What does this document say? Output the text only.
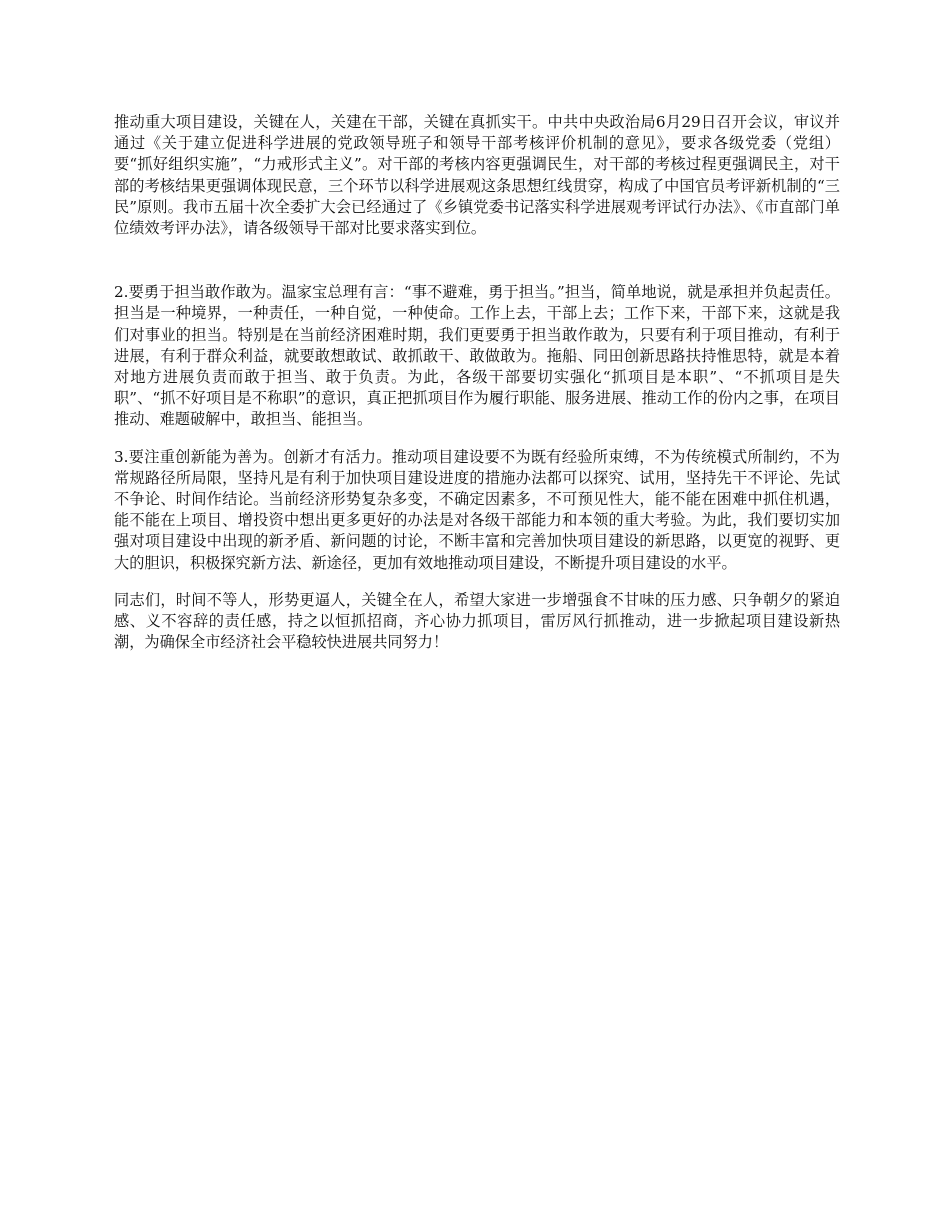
推动重大项目建设，关键在人，关建在干部，关键在真抓实干。中共中央政治局6月29日召开会议，审议并通过《关于建立促进科学进展的党政领导班子和领导干部考核评价机制的意见》，要求各级党委（党组）要“抓好组织实施”，“力戒形式主义”。对干部的考核内容更强调民生，对干部的考核过程更强调民主，对干部的考核结果更强调体现民意，三个环节以科学进展观这条思想红线贯穿，构成了中国官员考评新机制的“三民”原则。我市五届十次全委扩大会已经通过了《乡镇党委书记落实科学进展观考评试行办法》、《市直部门单位绩效考评办法》，请各级领导干部对比要求落实到位。

2.要勇于担当敢作敢为。温家宝总理有言：“事不避难，勇于担当。”担当，简单地说，就是承担并负起责任。担当是一种境界，一种责任，一种自觉，一种使命。工作上去，干部上去；工作下来，干部下来，这就是我们对事业的担当。特别是在当前经济困难时期，我们更要勇于担当敢作敢为，只要有利于项目推动，有利于进展，有利于群众利益，就要敢想敢试、敢抓敢干、敢做敢为。拖船、同田创新思路扶持惟思特，就是本着对地方进展负责而敢于担当、敢于负责。为此，各级干部要切实强化“抓项目是本职”、“不抓项目是失职”、“抓不好项目是不称职”的意识，真正把抓项目作为履行职能、服务进展、推动工作的份内之事，在项目推动、难题破解中，敢担当、能担当。

3.要注重创新能为善为。创新才有活力。推动项目建设要不为既有经验所束缚，不为传统模式所制约，不为常规路径所局限，坚持凡是有利于加快项目建设进度的措施办法都可以探究、试用，坚持先干不评论、先试不争论、时间作结论。当前经济形势复杂多变，不确定因素多，不可预见性大，能不能在困难中抓住机遇，能不能在上项目、增投资中想出更多更好的办法是对各级干部能力和本领的重大考验。为此，我们要切实加强对项目建设中出现的新矛盾、新问题的讨论，不断丰富和完善加快项目建设的新思路，以更宽的视野、更大的胆识，积极探究新方法、新途径，更加有效地推动项目建设，不断提升项目建设的水平。

同志们，时间不等人，形势更逼人，关键全在人，希望大家进一步增强食不甘味的压力感、只争朝夕的紧迫感、义不容辞的责任感，持之以恒抓招商，齐心协力抓项目，雷厉风行抓推动，进一步掀起项目建设新热潮，为确保全市经济社会平稳较快进展共同努力！
